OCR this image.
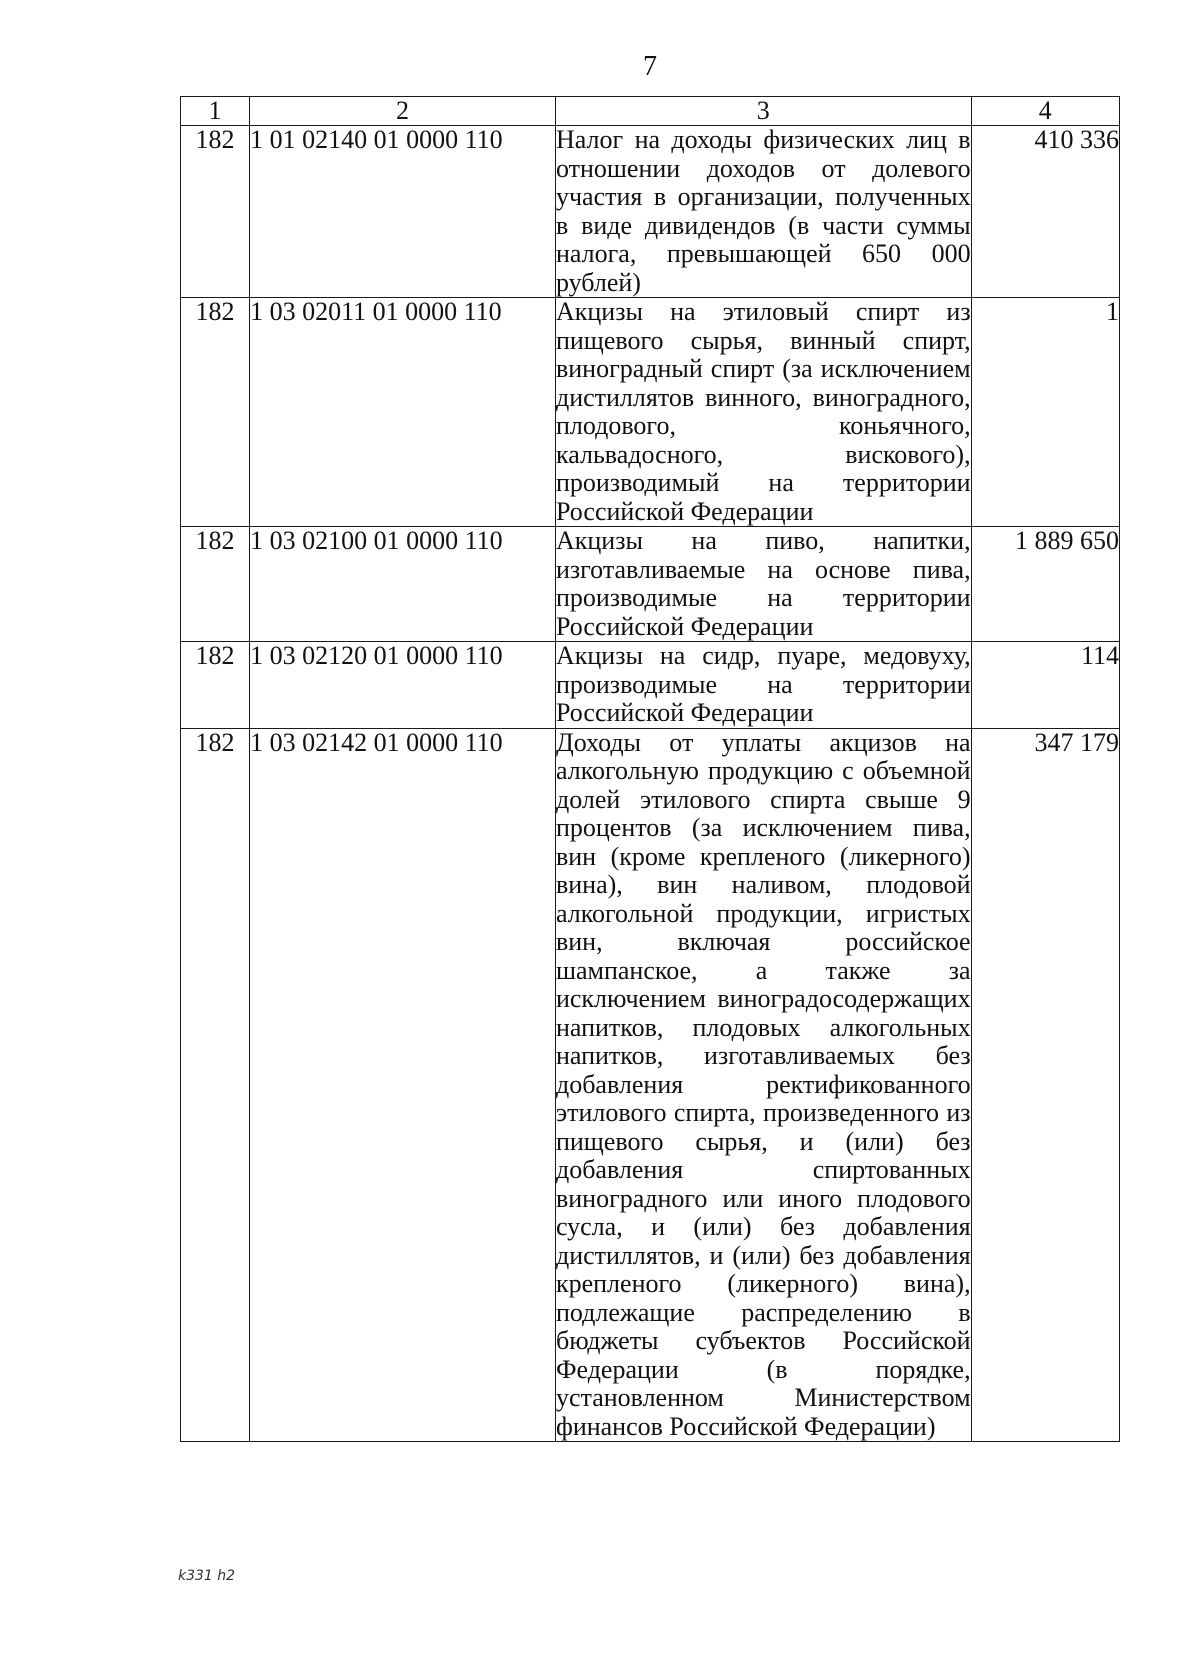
7
1	2	3	4
182	1 01 02140 01 0000 110	Налог на доходы физических лиц в отношении доходов от долевого участия в организации, полученных в виде дивидендов (в части суммы налога, превышающей 650 000 рублей)	410 336
182	1 03 02011 01 0000 110	Акцизы на этиловый спирт из пищевого сырья, винный спирт, виноградный спирт (за исключением дистиллятов винного, виноградного, плодового, коньячного, кальвадосного, вискового), производимый на территории Российской Федерации	1
182	1 03 02100 01 0000 110	Акцизы на пиво, напитки, изготавливаемые на основе пива, производимые на территории Российской Федерации	1 889 650
182	1 03 02120 01 0000 110	Акцизы на сидр, пуаре, медовуху, производимые на территории Российской Федерации	114
182	1 03 02142 01 0000 110	Доходы от уплаты акцизов на алкогольную продукцию с объемной долей этилового спирта свыше 9 процентов (за исключением пива, вин (кроме крепленого (ликерного) вина), вин наливом, плодовой алкогольной продукции, игристых вин, включая российское шампанское, а также за исключением виноградосодержащих напитков, плодовых алкогольных напитков, изготавливаемых без добавления ректификованного этилового спирта, произведенного из пищевого сырья, и (или) без добавления спиртованных виноградного или иного плодового сусла, и (или) без добавления дистиллятов, и (или) без добавления крепленого (ликерного) вина), подлежащие распределению в бюджеты субъектов Российской Федерации (в порядке, установленном Министерством финансов Российской Федерации)	347 179
k331 h2
